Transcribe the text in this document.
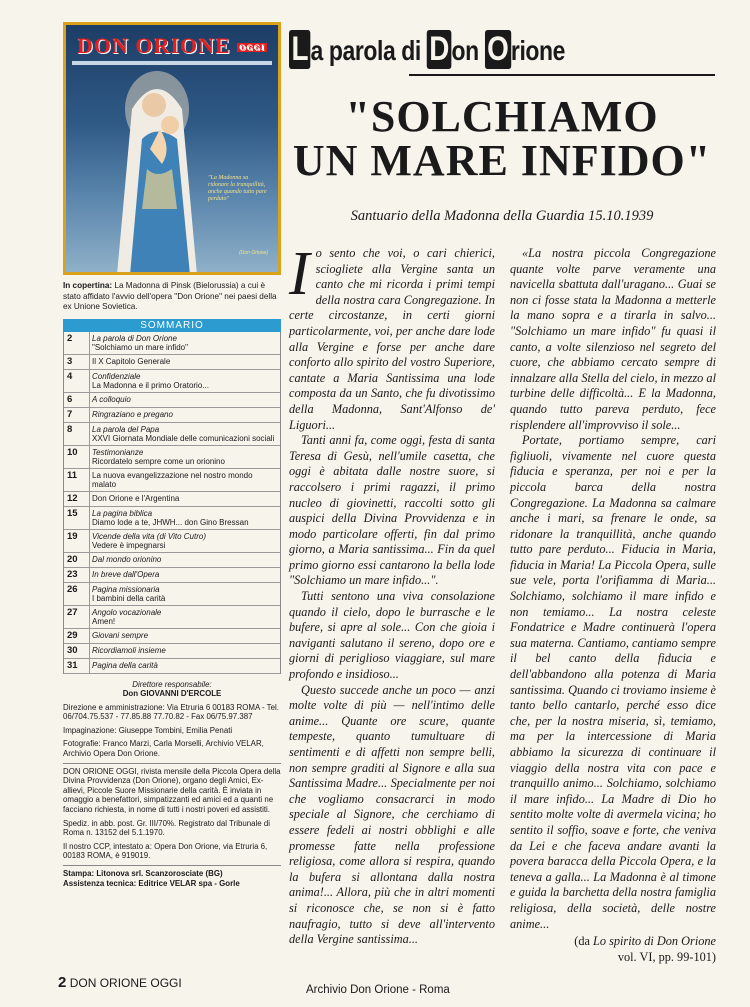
DON ORIONE OGGI
"La Madonna sa ridonare la tranquillità, anche quando tutto pare perduto"
(Don Orione)
In copertina: La Madonna di Pinsk (Bielorussia) a cui è stato affidato l'avvio dell'opera "Don Orione" nei paesi della ex Unione Sovietica.
SOMMARIO
2	La parola di Don Orione
"Solchiamo un mare infido"
3	Il X Capitolo Generale
4	Confidenziale
La Madonna e il primo Oratorio...
6	A colloquio
7	Ringraziano e pregano
8	La parola del Papa
XXVI Giornata Mondiale delle comunicazioni sociali
10	Testimonianze
Ricordatelo sempre come un orionino
11	La nuova evangelizzazione nel nostro mondo malato
12	Don Orione e l'Argentina
15	La pagina biblica
Diamo lode a te, JHWH... don Gino Bressan
19	Vicende della vita (di Vito Cutro)
Vedere è impegnarsi
20	Dal mondo orionino
23	In breve dall'Opera
26	Pagina missionaria
I bambini della carità
27	Angolo vocazionale
Amen!
29	Giovani sempre
30	Ricordiamoli insieme
31	Pagina della carità
Direttore responsabile:
Don GIOVANNI D'ERCOLE

Direzione e amministrazione: Via Etruria 6 00183 ROMA - Tel. 06/704.75.537 - 77.85.88 77.70.82 - Fax 06/75.97.387

Impaginazione: Giuseppe Tombini, Emilia Penati

Fotografie: Franco Marzi, Carla Morselli, Archivio VELAR, Archivio Opera Don Orione.

DON ORIONE OGGI, rivista mensile della Piccola Opera della Divina Provvidenza (Don Orione), organo degli Amici, Ex-allievi, Piccole Suore Missionarie della carità. È inviata in omaggio a benefattori, simpatizzanti ed amici ed a quanti ne facciano richiesta, in nome di tutti i nostri poveri ed assistiti.

Spediz. in abb. post. Gr. III/70%. Registrato dal Tribunale di Roma n. 13152 del 5.1.1970.

Il nostro CCP, intestato a: Opera Don Orione, via Etruria 6, 00183 ROMA, è 919019.

Stampa: Litonova srl. Scanzorosciate (BG)

Assistenza tecnica: Editrice VELAR spa - Gorle

2 DON ORIONE OGGI	Archivio Don Orione - Roma
La parola di Don Orione
"SOLCHIAMO
UN MARE INFIDO"
Santuario della Madonna della Guardia 15.10.1939

Io sento che voi, o cari chierici, sciogliete alla Vergine santa un canto che mi ricorda i primi tempi della nostra cara Congregazione. In certe circostanze, in certi giorni particolarmente, voi, per anche dare lode alla Vergine e forse per anche dare conforto allo spirito del vostro Superiore, cantate a Maria Santissima una lode composta da un Santo, che fu divotissimo della Madonna, Sant'Alfonso de' Liguori...

Tanti anni fa, come oggi, festa di santa Teresa di Gesù, nell'umile casetta, che oggi è abitata dalle nostre suore, si raccolsero i primi ragazzi, il primo nucleo di giovinetti, raccolti sotto gli auspici della Divina Provvidenza e in modo particolare offerti, fin dal primo giorno, a Maria santissima... Fin da quel primo giorno essi cantarono la bella lode "Solchiamo un mare infido...".

Tutti sentono una viva consolazione quando il cielo, dopo le burrasche e le bufere, si apre al sole... Con che gioia i naviganti salutano il sereno, dopo ore e giorni di periglioso viaggiare, sul mare profondo e insidioso...

Questo succede anche un poco — anzi molte volte di più — nell'intimo delle anime... Quante ore scure, quante tempeste, quanto tumultuare di sentimenti e di affetti non sempre belli, non sempre graditi al Signore e alla sua Santissima Madre... Specialmente per noi che vogliamo consacrarci in modo speciale al Signore, che cerchiamo di essere fedeli ai nostri obblighi e alle promesse fatte nella professione religiosa, come allora si respira, quando la bufera si allontana dalla nostra anima!... Allora, più che in altri momenti si riconosce che, se non si è fatto naufragio, tutto si deve all'intervento della Vergine santissima...

«La nostra piccola Congregazione quante volte parve veramente una navicella sbattuta dall'uragano... Guai se non ci fosse stata la Madonna a metterle la mano sopra e a tirarla in salvo... "Solchiamo un mare infido" fu quasi il canto, a volte silenzioso nel segreto del cuore, che abbiamo cercato sempre di innalzare alla Stella del cielo, in mezzo al turbine delle difficoltà... E la Madonna, quando tutto pareva perduto, fece risplendere all'improvviso il sole...

Portate, portiamo sempre, cari figliuoli, vivamente nel cuore questa fiducia e speranza, per noi e per la piccola barca della nostra Congregazione. La Madonna sa calmare anche i mari, sa frenare le onde, sa ridonare la tranquillità, anche quando tutto pare perduto... Fiducia in Maria, fiducia in Maria! La Piccola Opera, sulle sue vele, porta l'orifiamma di Maria... Solchiamo, solchiamo il mare infido e non temiamo... La nostra celeste Fondatrice e Madre continuerà l'opera sua materna. Cantiamo, cantiamo sempre il bel canto della fiducia e dell'abbandono alla potenza di Maria santissima. Quando ci troviamo insieme è tanto bello cantarlo, perché esso dice che, per la nostra miseria, sì, temiamo, ma per la intercessione di Maria abbiamo la sicurezza di continuare il viaggio della nostra vita con pace e tranquillo animo... Solchiamo, solchiamo il mare infido... La Madre di Dio ho sentito molte volte di avermela vicina; ho sentito il soffio, soave e forte, che veniva da Lei e che faceva andare avanti la povera baracca della Piccola Opera, e la teneva a galla... La Madonna è al timone e guida la barchetta della nostra famiglia religiosa, della società, delle nostre anime...

(da Lo spirito di Don Orione
vol. VI, pp. 99-101)
